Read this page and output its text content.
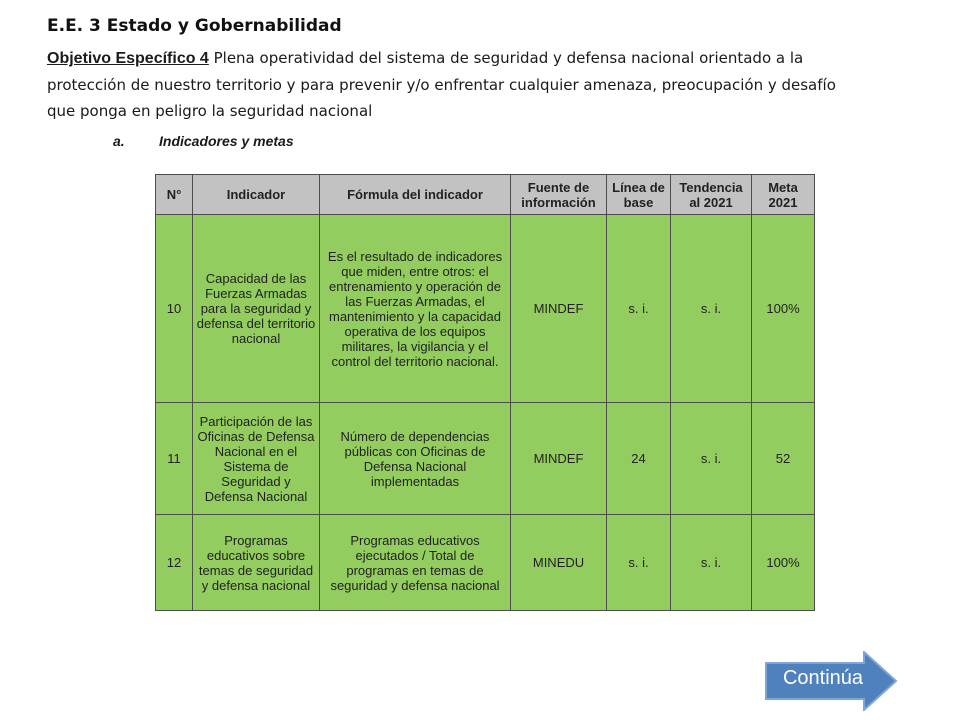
E.E. 3 Estado y Gobernabilidad
Objetivo Específico 4 Plena operatividad del sistema de seguridad y defensa nacional orientado a la protección de nuestro territorio y para prevenir y/o enfrentar cualquier amenaza, preocupación y desafío que ponga en peligro la seguridad nacional
a. Indicadores y metas
N°	Indicador	Fórmula del indicador	Fuente de información	Línea de base	Tendencia al 2021	Meta 2021
10	Capacidad de las Fuerzas Armadas para la seguridad y defensa del territorio nacional	Es el resultado de indicadores que miden, entre otros: el entrenamiento y operación de las Fuerzas Armadas, el mantenimiento y la capacidad operativa de los equipos militares, la vigilancia y el control del territorio nacional.	MINDEF	s. i.	s. i.	100%
11	Participación de las Oficinas de Defensa Nacional en el Sistema de Seguridad y Defensa Nacional	Número de dependencias públicas con Oficinas de Defensa Nacional implementadas	MINDEF	24	s. i.	52
12	Programas educativos sobre temas de seguridad y defensa nacional	Programas educativos ejecutados / Total de programas en temas de seguridad y defensa nacional	MINEDU	s. i.	s. i.	100%
Continúa
